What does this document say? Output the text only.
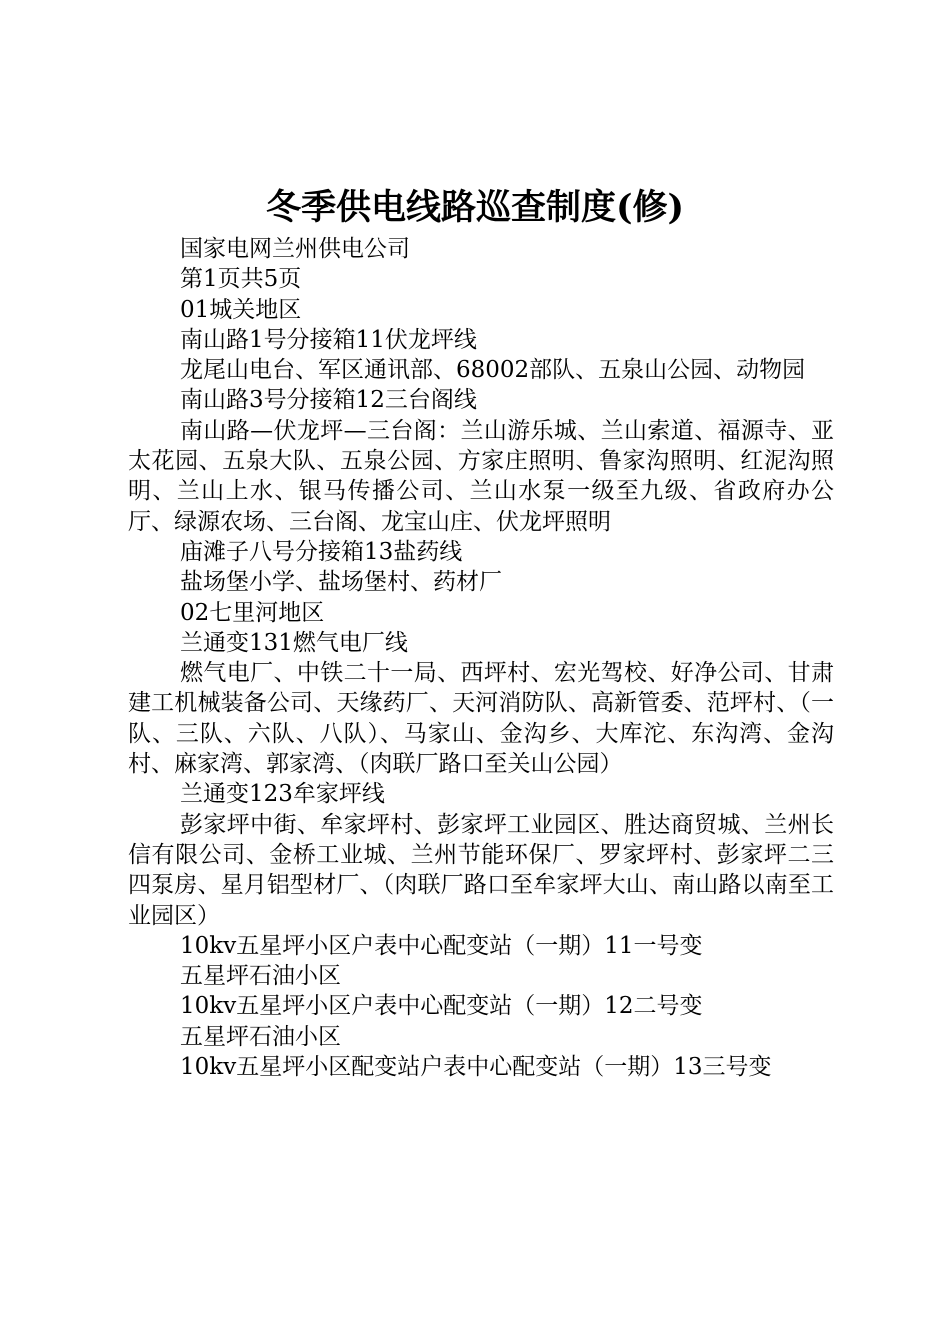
冬季供电线路巡查制度(修)

国家电网兰州供电公司

第1页共5页

01城关地区

南山路1号分接箱11伏龙坪线

龙尾山电台、军区通讯部、68002部队、五泉山公园、动物园

南山路3号分接箱12三台阁线

南山路—伏龙坪—三台阁：兰山游乐城、兰山索道、福源寺、亚太花园、五泉大队、五泉公园、方家庄照明、鲁家沟照明、红泥沟照明、兰山上水、银马传播公司、兰山水泵一级至九级、省政府办公厅、绿源农场、三台阁、龙宝山庄、伏龙坪照明

庙滩子八号分接箱13盐药线

盐场堡小学、盐场堡村、药材厂

02七里河地区

兰通变131燃气电厂线

燃气电厂、中铁二十一局、西坪村、宏光驾校、好净公司、甘肃建工机械装备公司、天缘药厂、天河消防队、高新管委、范坪村、（一队、三队、六队、八队）、马家山、金沟乡、大库沱、东沟湾、金沟村、麻家湾、郭家湾、（肉联厂路口至关山公园）

兰通变123牟家坪线

彭家坪中街、牟家坪村、彭家坪工业园区、胜达商贸城、兰州长信有限公司、金桥工业城、兰州节能环保厂、罗家坪村、彭家坪二三四泵房、星月铝型材厂、（肉联厂路口至牟家坪大山、南山路以南至工业园区）

10kv五星坪小区户表中心配变站（一期）11一号变

五星坪石油小区

10kv五星坪小区户表中心配变站（一期）12二号变

五星坪石油小区

10kv五星坪小区配变站户表中心配变站（一期）13三号变
